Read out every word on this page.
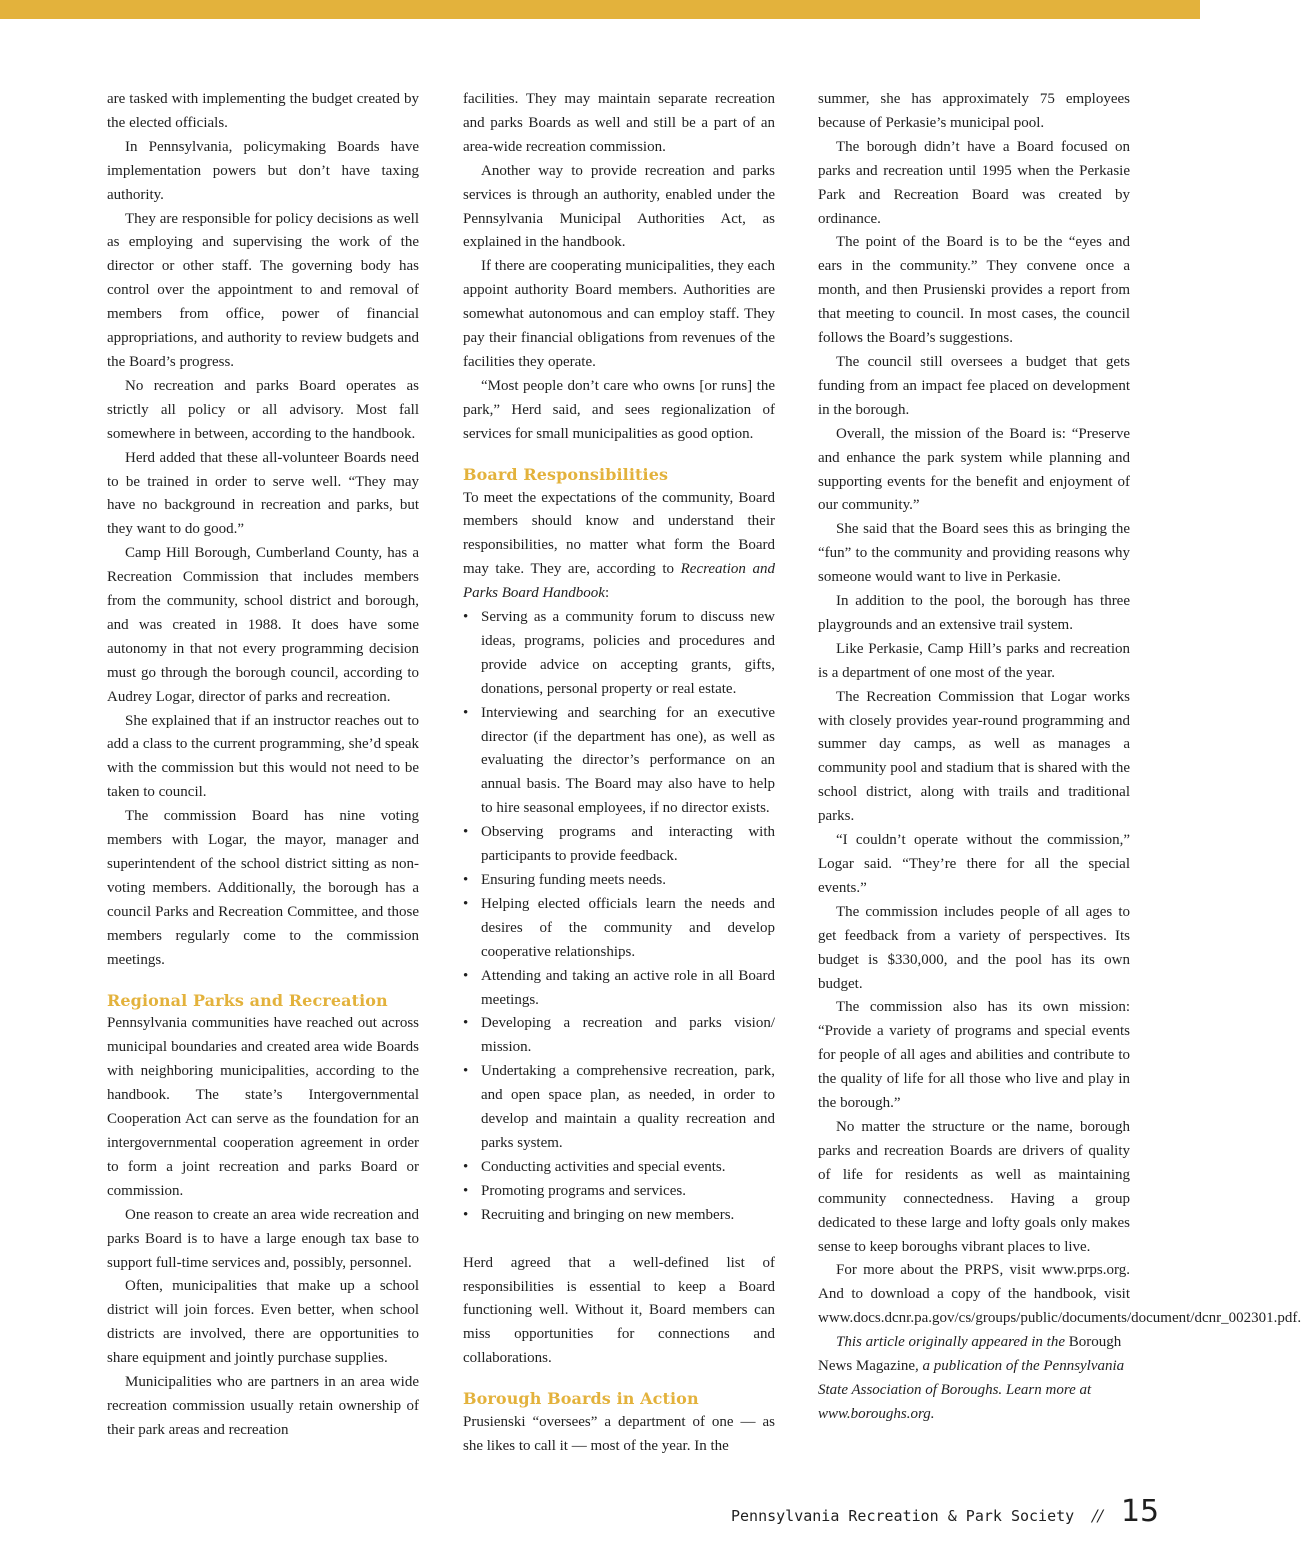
are tasked with implementing the budget created by the elected officials.

In Pennsylvania, policymaking Boards have implementation powers but don’t have taxing authority.

They are responsible for policy decisions as well as employing and supervising the work of the director or other staff. The governing body has control over the appointment to and removal of members from office, power of financial appropriations, and authority to review budgets and the Board’s progress.

No recreation and parks Board operates as strictly all policy or all advisory. Most fall somewhere in between, according to the handbook.

Herd added that these all-volunteer Boards need to be trained in order to serve well. “They may have no background in recreation and parks, but they want to do good.”

Camp Hill Borough, Cumberland County, has a Recreation Commission that includes members from the community, school district and borough, and was created in 1988. It does have some autonomy in that not every programming decision must go through the borough council, according to Audrey Logar, director of parks and recreation.

She explained that if an instructor reaches out to add a class to the current programming, she’d speak with the commission but this would not need to be taken to council.

The commission Board has nine voting members with Logar, the mayor, manager and superintendent of the school district sitting as non-voting members. Additionally, the borough has a council Parks and Recreation Committee, and those members regularly come to the commission meetings.

Regional Parks and Recreation

Pennsylvania communities have reached out across municipal boundaries and created area wide Boards with neighboring municipalities, according to the handbook. The state’s Intergovernmental Cooperation Act can serve as the foundation for an intergovernmental cooperation agreement in order to form a joint recreation and parks Board or commission.

One reason to create an area wide recreation and parks Board is to have a large enough tax base to support full-time services and, possibly, personnel.

Often, municipalities that make up a school district will join forces. Even better, when school districts are involved, there are opportunities to share equipment and jointly purchase supplies.

Municipalities who are partners in an area wide recreation commission usually retain ownership of their park areas and recreation

facilities. They may maintain separate recreation and parks Boards as well and still be a part of an area-wide recreation commission.

Another way to provide recreation and parks services is through an authority, enabled under the Pennsylvania Municipal Authorities Act, as explained in the handbook.

If there are cooperating municipalities, they each appoint authority Board members. Authorities are somewhat autonomous and can employ staff. They pay their financial obligations from revenues of the facilities they operate.

“Most people don’t care who owns [or runs] the park,” Herd said, and sees regionalization of services for small municipalities as good option.

Board Responsibilities

To meet the expectations of the community, Board members should know and understand their responsibilities, no matter what form the Board may take. They are, according to Recreation and Parks Board Handbook:

• Serving as a community forum to discuss new ideas, programs, policies and procedures and provide advice on accepting grants, gifts, donations, personal property or real estate.
• Interviewing and searching for an executive director (if the department has one), as well as evaluating the director’s performance on an annual basis. The Board may also have to help to hire seasonal employees, if no director exists.
• Observing programs and interacting with participants to provide feedback.
• Ensuring funding meets needs.
• Helping elected officials learn the needs and desires of the community and develop cooperative relationships.
• Attending and taking an active role in all Board meetings.
• Developing a recreation and parks vision/ mission.
• Undertaking a comprehensive recreation, park, and open space plan, as needed, in order to develop and maintain a quality recreation and parks system.
• Conducting activities and special events.
• Promoting programs and services.
• Recruiting and bringing on new members.

Herd agreed that a well-defined list of responsibilities is essential to keep a Board functioning well. Without it, Board members can miss opportunities for connections and collaborations.

Borough Boards in Action

Prusienski “oversees” a department of one — as she likes to call it — most of the year. In the

summer, she has approximately 75 employees because of Perkasie’s municipal pool.

The borough didn’t have a Board focused on parks and recreation until 1995 when the Perkasie Park and Recreation Board was created by ordinance.

The point of the Board is to be the “eyes and ears in the community.” They convene once a month, and then Prusienski provides a report from that meeting to council. In most cases, the council follows the Board’s suggestions.

The council still oversees a budget that gets funding from an impact fee placed on development in the borough.

Overall, the mission of the Board is: “Preserve and enhance the park system while planning and supporting events for the benefit and enjoyment of our community.”

She said that the Board sees this as bringing the “fun” to the community and providing reasons why someone would want to live in Perkasie.

In addition to the pool, the borough has three playgrounds and an extensive trail system.

Like Perkasie, Camp Hill’s parks and recreation is a department of one most of the year.

The Recreation Commission that Logar works with closely provides year-round programming and summer day camps, as well as manages a community pool and stadium that is shared with the school district, along with trails and traditional parks.

“I couldn’t operate without the commission,” Logar said. “They’re there for all the special events.”

The commission includes people of all ages to get feedback from a variety of perspectives. Its budget is $330,000, and the pool has its own budget.

The commission also has its own mission: “Provide a variety of programs and special events for people of all ages and abilities and contribute to the quality of life for all those who live and play in the borough.”

No matter the structure or the name, borough parks and recreation Boards are drivers of quality of life for residents as well as maintaining community connectedness. Having a group dedicated to these large and lofty goals only makes sense to keep boroughs vibrant places to live.

For more about the PRPS, visit www.prps.org. And to download a copy of the handbook, visit www.docs.dcnr.pa.gov/cs/groups/public/documents/document/dcnr_002301.pdf.

This article originally appeared in the Borough News Magazine, a publication of the Pennsylvania State Association of Boroughs. Learn more at www.boroughs.org.

Pennsylvania Recreation & Park Society // 15
